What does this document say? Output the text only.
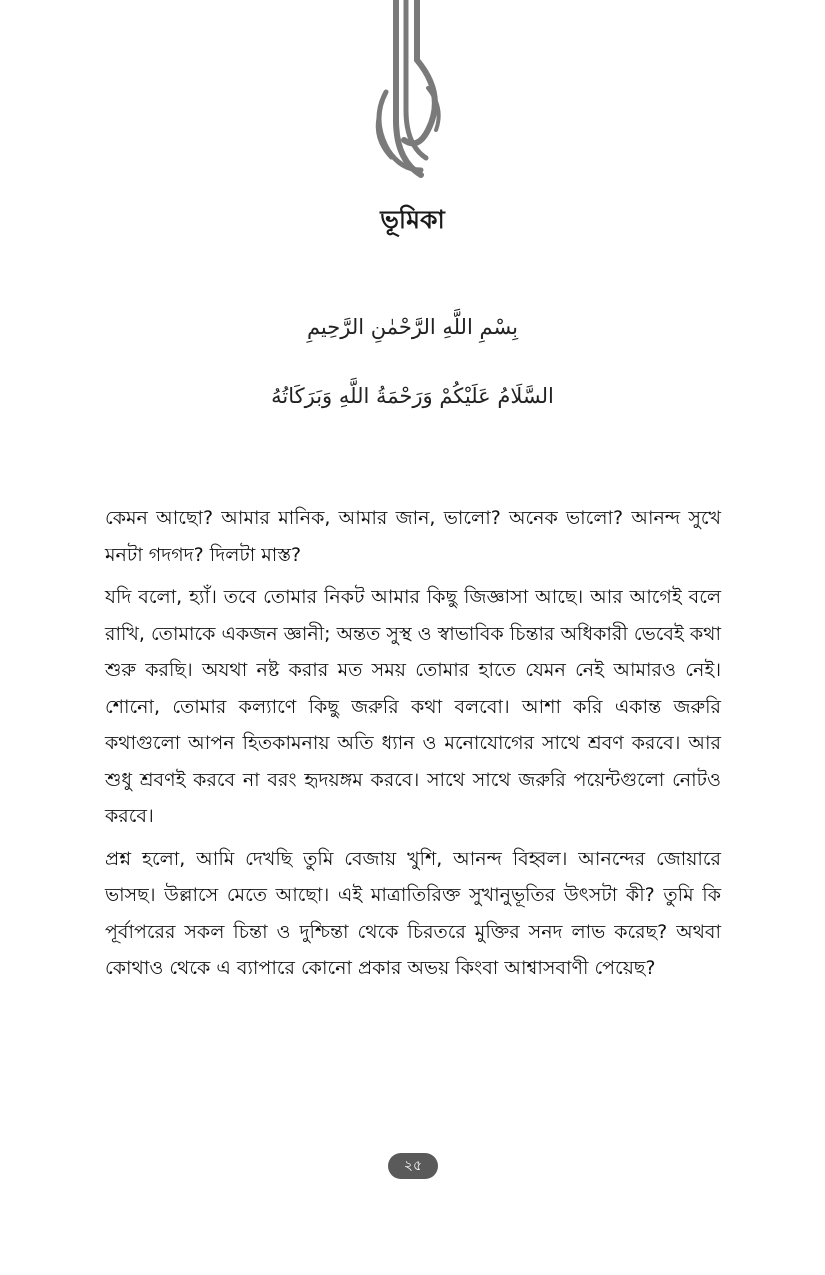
ভূমিকা
بِسْمِ اللَّهِ الرَّحْمٰنِ الرَّحِيمِ
السَّلَامُ عَلَيْكُمْ وَرَحْمَةُ اللَّهِ وَبَرَكَاتُهُ

কেমন আছো? আমার মানিক, আমার জান, ভালো? অনেক ভালো? আনন্দ সুখে মনটা গদগদ? দিলটা মাস্ত?

যদি বলো, হ্যাঁ। তবে তোমার নিকট আমার কিছু জিজ্ঞাসা আছে। আর আগেই বলে রাখি, তোমাকে একজন জ্ঞানী; অন্তত সুস্থ ও স্বাভাবিক চিন্তার অধিকারী ভেবেই কথা শুরু করছি। অযথা নষ্ট করার মত সময় তোমার হাতে যেমন নেই আমারও নেই। শোনো, তোমার কল্যাণে কিছু জরুরি কথা বলবো। আশা করি একান্ত জরুরি কথাগুলো আপন হিতকামনায় অতি ধ্যান ও মনোযোগের সাথে শ্রবণ করবে। আর শুধু শ্রবণই করবে না বরং হৃদয়ঙ্গম করবে। সাথে সাথে জরুরি পয়েন্টগুলো নোটও করবে।

প্রশ্ন হলো, আমি দেখছি তুমি বেজায় খুশি, আনন্দ বিহ্বল। আনন্দের জোয়ারে ভাসছ। উল্লাসে মেতে আছো। এই মাত্রাতিরিক্ত সুখানুভূতির উৎসটা কী? তুমি কি পূর্বাপরের সকল চিন্তা ও দুশ্চিন্তা থেকে চিরতরে মুক্তির সনদ লাভ করেছ? অথবা কোথাও থেকে এ ব্যাপারে কোনো প্রকার অভয় কিংবা আশ্বাসবাণী পেয়েছ?

২৫
